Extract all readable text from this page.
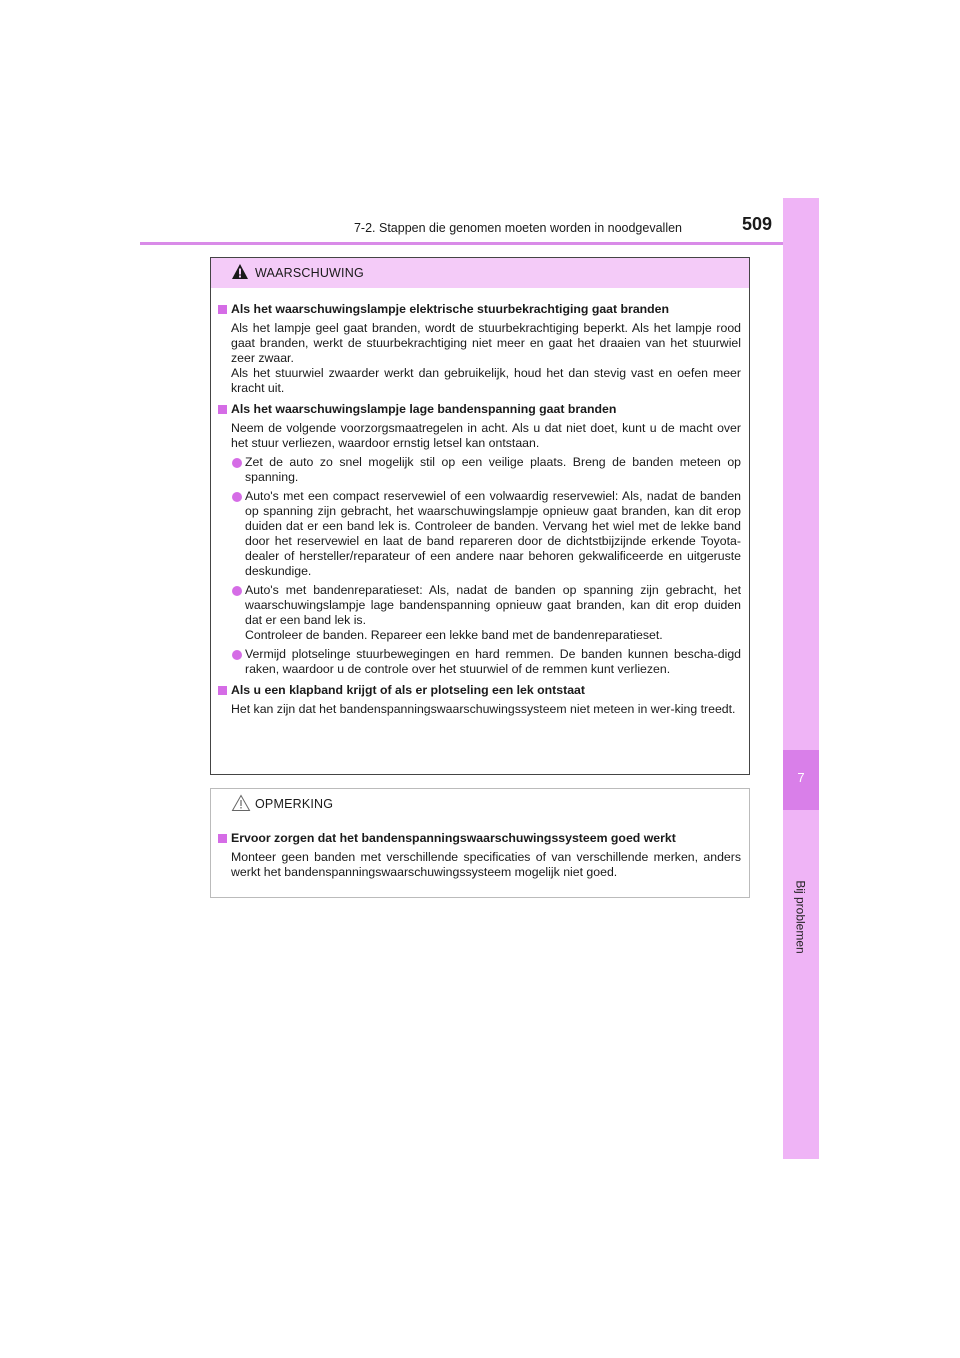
7-2. Stappen die genomen moeten worden in noodgevallen	509
7
Bij problemen
WAARSCHUWING
Als het waarschuwingslampje elektrische stuurbekrachtiging gaat branden
Als het lampje geel gaat branden, wordt de stuurbekrachtiging beperkt. Als het lampje rood gaat branden, werkt de stuurbekrachtiging niet meer en gaat het draaien van het stuurwiel zeer zwaar.
Als het stuurwiel zwaarder werkt dan gebruikelijk, houd het dan stevig vast en oefen meer kracht uit.
Als het waarschuwingslampje lage bandenspanning gaat branden
Neem de volgende voorzorgsmaatregelen in acht. Als u dat niet doet, kunt u de macht over het stuur verliezen, waardoor ernstig letsel kan ontstaan.
Zet de auto zo snel mogelijk stil op een veilige plaats. Breng de banden meteen op spanning.
Auto's met een compact reservewiel of een volwaardig reservewiel: Als, nadat de banden op spanning zijn gebracht, het waarschuwingslampje opnieuw gaat branden, kan dit erop duiden dat er een band lek is. Controleer de banden. Vervang het wiel met de lekke band door het reservewiel en laat de band repareren door de dichtstbijzijnde erkende Toyota-dealer of hersteller/reparateur of een andere naar behoren gekwalificeerde en uitgeruste deskundige.
Auto's met bandenreparatieset: Als, nadat de banden op spanning zijn gebracht, het waarschuwingslampje lage bandenspanning opnieuw gaat branden, kan dit erop duiden dat er een band lek is.
Controleer de banden. Repareer een lekke band met de bandenreparatieset.
Vermijd plotselinge stuurbewegingen en hard remmen. De banden kunnen bescha-digd raken, waardoor u de controle over het stuurwiel of de remmen kunt verliezen.
Als u een klapband krijgt of als er plotseling een lek ontstaat
Het kan zijn dat het bandenspanningswaarschuwingssysteem niet meteen in wer-king treedt.
OPMERKING
Ervoor zorgen dat het bandenspanningswaarschuwingssysteem goed werkt
Monteer geen banden met verschillende specificaties of van verschillende merken, anders werkt het bandenspanningswaarschuwingssysteem mogelijk niet goed.
